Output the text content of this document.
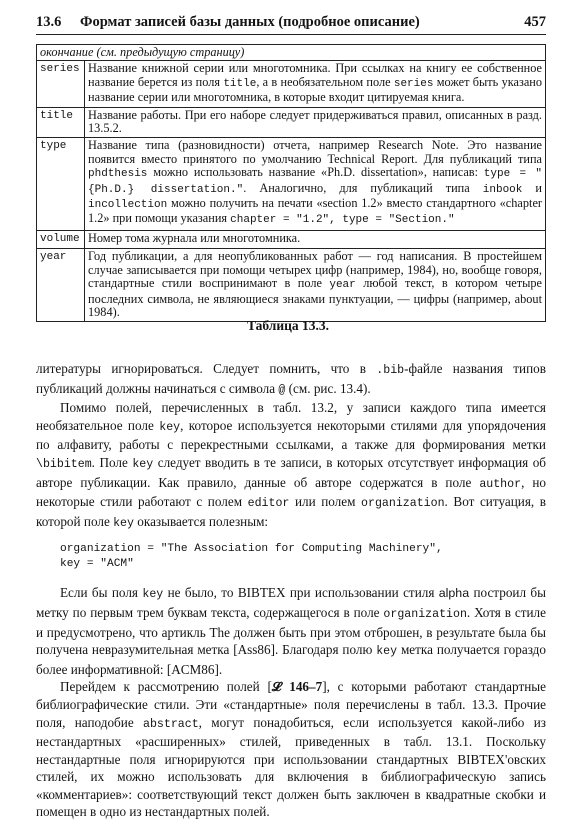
13.6 Формат записей базы данных (подробное описание)	457
окончание (см. предыдущую страницу)	
series	Название книжной серии или многотомника. При ссылках на книгу ее собственное название берется из поля title, а в необязательном поле series может быть указано название серии или многотомника, в которые входит цитируемая книга.
title	Название работы. При его наборе следует придерживаться правил, описанных в разд. 13.5.2.
type	Название типа (разновидности) отчета, например Research Note. Это название появится вместо принятого по умолчанию Technical Report. Для публикаций типа phdthesis можно использовать название «Ph.D. dissertation», написав: type = "{Ph.D.} dissertation.". Аналогично, для публикаций типа inbook и incollection можно получить на печати «section 1.2» вместо стандартного «chapter 1.2» при помощи указания chapter = "1.2", type = "Section."
volume	Номер тома журнала или многотомника.
year	Год публикации, а для неопубликованных работ — год написания. В простейшем случае записывается при помощи четырех цифр (например, 1984), но, вообще говоря, стандартные стили воспринимают в поле year любой текст, в котором четыре последних символа, не являющиеся знаками пунктуации, — цифры (например, about 1984).
Таблица 13.3.

литературы игнорироваться. Следует помнить, что в .bib-файле названия типов публикаций должны начинаться с символа @ (см. рис. 13.4).

Помимо полей, перечисленных в табл. 13.2, у записи каждого типа имеется необязательное поле key, которое используется некоторыми стилями для упорядочения по алфавиту, работы с перекрестными ссылками, а также для формирования метки \bibitem. Поле key следует вводить в те записи, в которых отсутствует информация об авторе публикации. Как правило, данные об авторе содержатся в поле author, но некоторые стили работают с полем editor или полем organization. Вот ситуация, в которой поле key оказывается полезным:

organization = "The Association for Computing Machinery",
key = "ACM"

Если бы поля key не было, то BIBTEX при использовании стиля alpha построил бы метку по первым трем буквам текста, содержащегося в поле organization. Хотя в стиле и предусмотрено, что артикль The должен быть при этом отброшен, в результате была бы получена невразумительная метка [Ass86]. Благодаря полю key метка получается гораздо более информативной: [ACM86].

Перейдем к рассмотрению полей [𝓛 146–7], с которыми работают стандартные библиографические стили. Эти «стандартные» поля перечислены в табл. 13.3. Прочие поля, наподобие abstract, могут понадобиться, если используется какой-либо из нестандартных «расширенных» стилей, приведенных в табл. 13.1. Поскольку нестандартные поля игнорируются при использовании стандартных BIBTEX'овских стилей, их можно использовать для включения в библиографическую запись «комментариев»: соответствующий текст должен быть заключен в квадратные скобки и помещен в одно из нестандартных полей.
